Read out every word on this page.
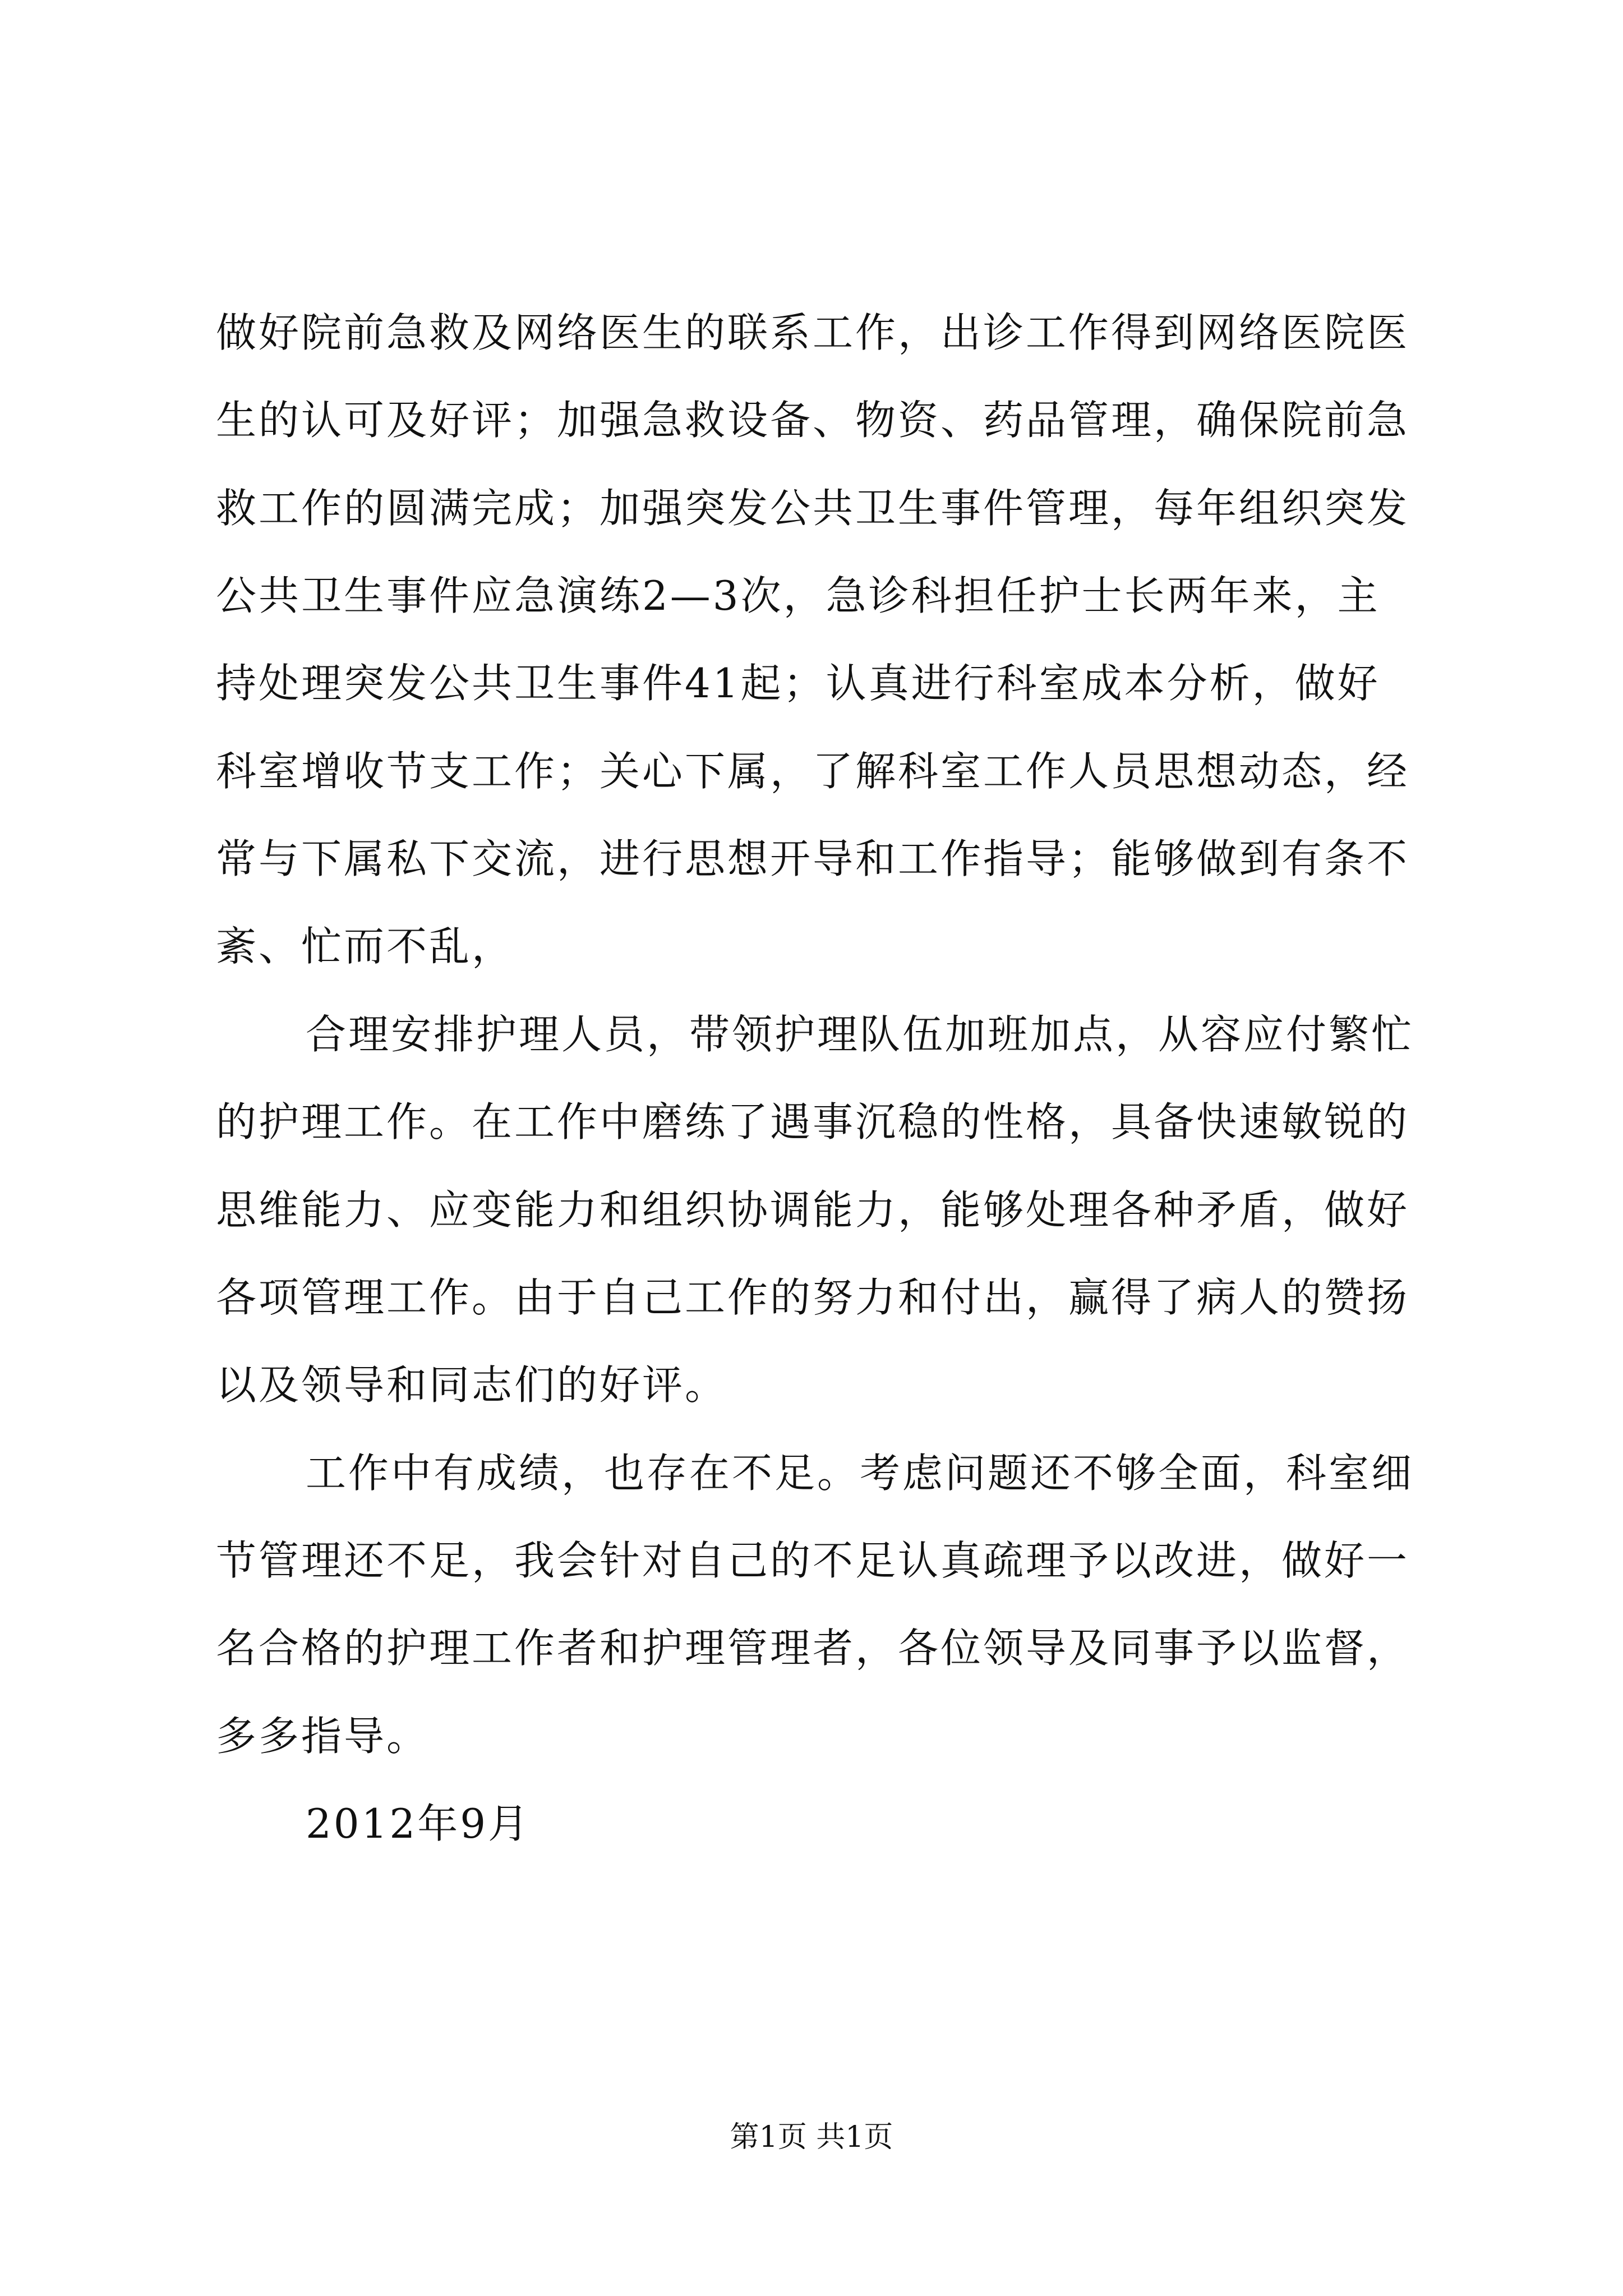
做好院前急救及网络医生的联系工作，出诊工作得到网络医院医
生的认可及好评；加强急救设备、物资、药品管理，确保院前急
救工作的圆满完成；加强突发公共卫生事件管理，每年组织突发
公共卫生事件应急演练2—3次，急诊科担任护士长两年来，主
持处理突发公共卫生事件41起；认真进行科室成本分析，做好
科室增收节支工作；关心下属，了解科室工作人员思想动态，经
常与下属私下交流，进行思想开导和工作指导；能够做到有条不
紊、忙而不乱，
合理安排护理人员，带领护理队伍加班加点，从容应付繁忙
的护理工作。在工作中磨练了遇事沉稳的性格，具备快速敏锐的
思维能力、应变能力和组织协调能力，能够处理各种矛盾，做好
各项管理工作。由于自己工作的努力和付出，赢得了病人的赞扬
以及领导和同志们的好评。
工作中有成绩，也存在不足。考虑问题还不够全面，科室细
节管理还不足，我会针对自己的不足认真疏理予以改进，做好一
名合格的护理工作者和护理管理者，各位领导及同事予以监督，
多多指导。
2012年9月
第1页 共1页
